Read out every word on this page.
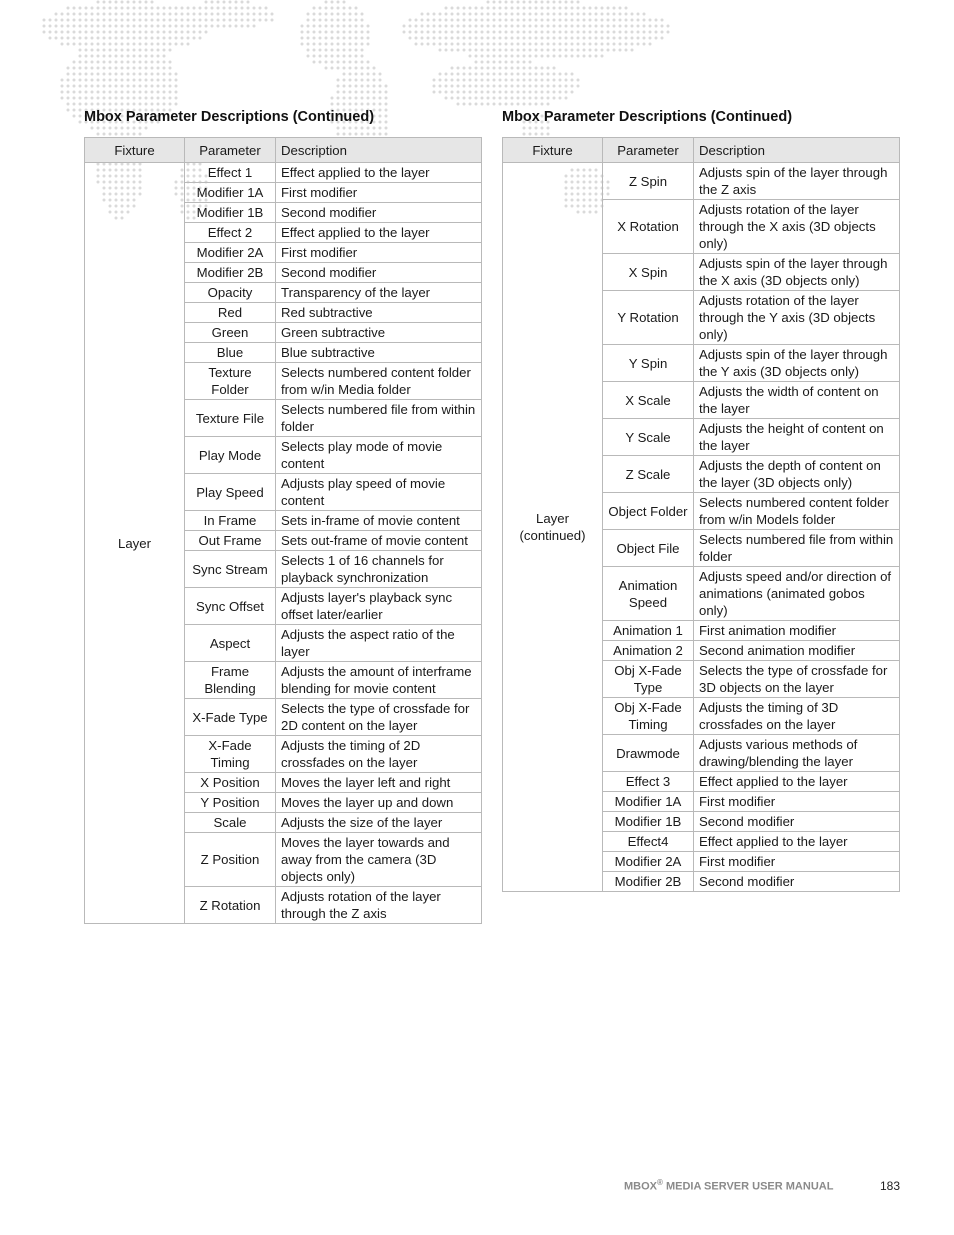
Mbox Parameter Descriptions (Continued)
Fixture	Parameter	Description
Layer	Effect 1	Effect applied to the layer
	Modifier 1A	First modifier
	Modifier 1B	Second modifier
	Effect 2	Effect applied to the layer
	Modifier 2A	First modifier
	Modifier 2B	Second modifier
	Opacity	Transparency of the layer
	Red	Red subtractive
	Green	Green subtractive
	Blue	Blue subtractive
	Texture Folder	Selects numbered content folder from w/in Media folder
	Texture File	Selects numbered file from within folder
	Play Mode	Selects play mode of movie content
	Play Speed	Adjusts play speed of movie content
	In Frame	Sets in-frame of movie content
	Out Frame	Sets out-frame of movie content
	Sync Stream	Selects 1 of 16 channels for playback synchronization
	Sync Offset	Adjusts layer's playback sync offset later/earlier
	Aspect	Adjusts the aspect ratio of the layer
	Frame Blending	Adjusts the amount of interframe blending for movie content
	X-Fade Type	Selects the type of crossfade for 2D content on the layer
	X-Fade Timing	Adjusts the timing of 2D crossfades on the layer
	X Position	Moves the layer left and right
	Y Position	Moves the layer up and down
	Scale	Adjusts the size of the layer
	Z Position	Moves the layer towards and away from the camera (3D objects only)
	Z Rotation	Adjusts rotation of the layer through the Z axis
Mbox Parameter Descriptions (Continued)
Fixture	Parameter	Description
Layer (continued)	Z Spin	Adjusts spin of the layer through the Z axis
	X Rotation	Adjusts rotation of the layer through the X axis (3D objects only)
	X Spin	Adjusts spin of the layer through the X axis (3D objects only)
	Y Rotation	Adjusts rotation of the layer through the Y axis (3D objects only)
	Y Spin	Adjusts spin of the layer through the Y axis (3D objects only)
	X Scale	Adjusts the width of content on the layer
	Y Scale	Adjusts the height of content on the layer
	Z Scale	Adjusts the depth of content on the layer (3D objects only)
	Object Folder	Selects numbered content folder from w/in Models folder
	Object File	Selects numbered file from within folder
	Animation Speed	Adjusts speed and/or direction of animations (animated gobos only)
	Animation 1	First animation modifier
	Animation 2	Second animation modifier
	Obj X-Fade Type	Selects the type of crossfade for 3D objects on the layer
	Obj X-Fade Timing	Adjusts the timing of 3D crossfades on the layer
	Drawmode	Adjusts various methods of drawing/blending the layer
	Effect 3	Effect applied to the layer
	Modifier 1A	First modifier
	Modifier 1B	Second modifier
	Effect4	Effect applied to the layer
	Modifier 2A	First modifier
	Modifier 2B	Second modifier
MBOX® MEDIA SERVER USER MANUAL	183
